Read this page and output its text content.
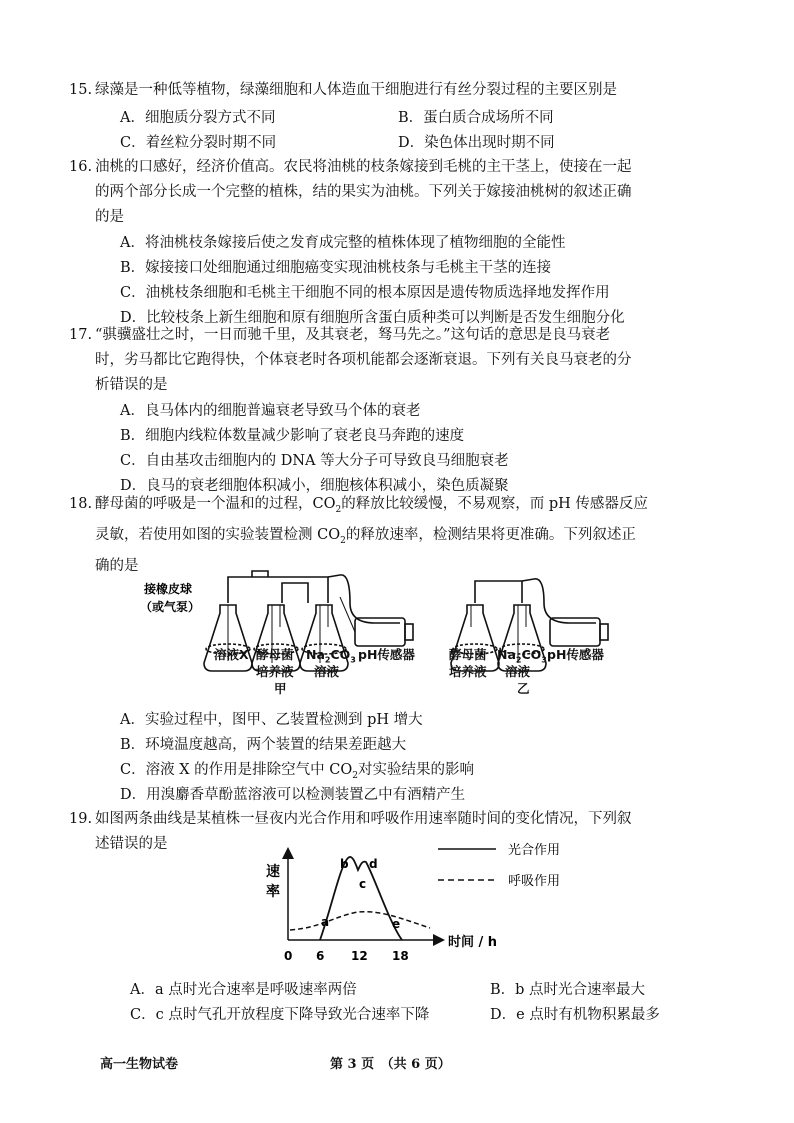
15. 绿藻是一种低等植物，绿藻细胞和人体造血干细胞进行有丝分裂过程的主要区别是
A．细胞质分裂方式不同	B．蛋白质合成场所不同
C．着丝粒分裂时期不同	D．染色体出现时期不同
16. 油桃的口感好，经济价值高。农民将油桃的枝条嫁接到毛桃的主干茎上，使接在一起
的两个部分长成一个完整的植株，结的果实为油桃。下列关于嫁接油桃树的叙述正确
的是
A．将油桃枝条嫁接后使之发育成完整的植株体现了植物细胞的全能性
B．嫁接接口处细胞通过细胞癌变实现油桃枝条与毛桃主干茎的连接
C．油桃枝条细胞和毛桃主干细胞不同的根本原因是遗传物质选择地发挥作用
D．比较枝条上新生细胞和原有细胞所含蛋白质种类可以判断是否发生细胞分化
17. “骐骥盛壮之时，一日而驰千里，及其衰老，驽马先之。”这句话的意思是良马衰老
时，劣马都比它跑得快，个体衰老时各项机能都会逐渐衰退。下列有关良马衰老的分
析错误的是
A．良马体内的细胞普遍衰老导致马个体的衰老
B．细胞内线粒体数量减少影响了衰老良马奔跑的速度
C．自由基攻击细胞内的 DNA 等大分子可导致良马细胞衰老
D．良马的衰老细胞体积减小，细胞核体积减小，染色质凝聚
18. 酵母菌的呼吸是一个温和的过程，$CO_2$的释放比较缓慢，不易观察，而 pH 传感器反应
灵敏，若使用如图的实验装置检测 $CO_2$的释放速率，检测结果将更准确。下列叙述正
确的是
接橡皮球
（或气泵）
溶液X 酵母菌
培养液
$Na_2CO_3$
溶液
pH传感器
甲
酵母菌
培养液
$Na_2CO_3$
溶液
pH传感器
乙
A．实验过程中，图甲、乙装置检测到 pH 增大
B．环境温度越高，两个装置的结果差距越大
C．溶液 X 的作用是排除空气中 $CO_2$对实验结果的影响
D．用溴麝香草酚蓝溶液可以检测装置乙中有酒精产生
19. 如图两条曲线是某植株一昼夜内光合作用和呼吸作用速率随时间的变化情况，下列叙
述错误的是	光合作用
呼吸作用
速
率
时间 / h
0 6 12 18
a
b
c
d
e
A．a 点时光合速率是呼吸速率两倍	B．b 点时光合速率最大
C．c 点时气孔开放程度下降导致光合速率下降	D．e 点时有机物积累最多
高一生物试卷	第 3 页　（共 6 页）
